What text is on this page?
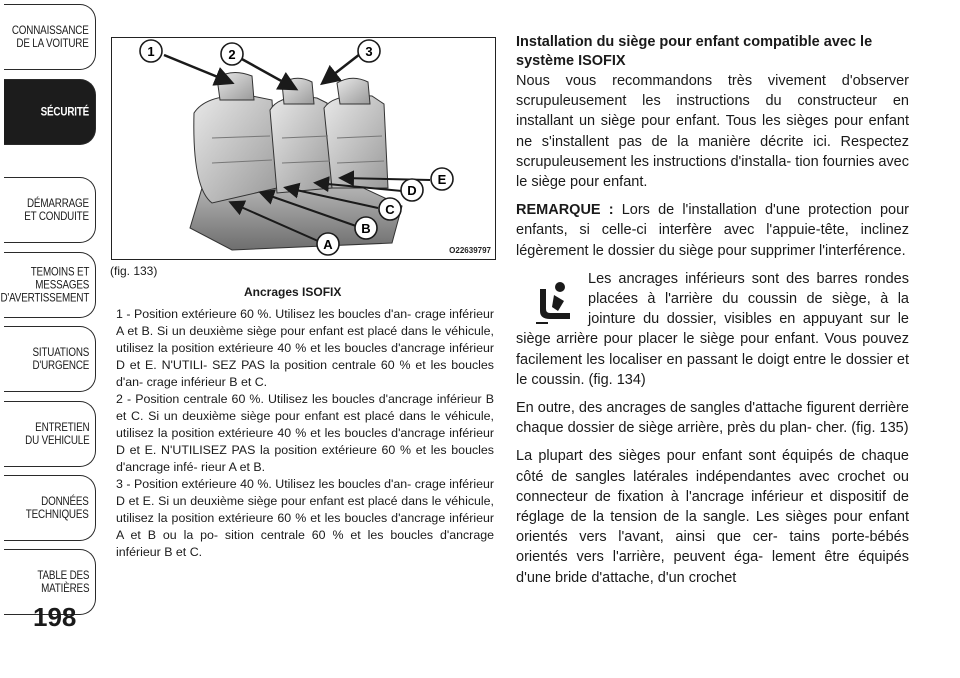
CONNAISSANCE
DE LA VOITURE
SÉCURITÉ
DÉMARRAGE
ET CONDUITE
TEMOINS ET
MESSAGES
D'AVERTISSEMENT
SITUATIONS
D'URGENCE
ENTRETIEN
DU VEHICULE
DONNÉES
TECHNIQUES
TABLE DES
MATIÈRES
198
1	2	3
A
B
C
D
E
O22639797
(fig. 133)
Ancrages ISOFIX

1 - Position extérieure 60 %. Utilisez les boucles d'an- crage inférieur A et B. Si un deuxième siège pour enfant est placé dans le véhicule, utilisez la position extérieure 40 % et les boucles d'ancrage inférieur D et E. N'UTILI- SEZ PAS la position centrale 60 % et les boucles d'an- crage inférieur B et C.

2 - Position centrale 60 %. Utilisez les boucles d'ancrage inférieur B et C. Si un deuxième siège pour enfant est placé dans le véhicule, utilisez la position extérieure 40 % et les boucles d'ancrage inférieur D et E. N'UTILISEZ PAS la position extérieure 60 % et les boucles d'ancrage infé- rieur A et B.

3 - Position extérieure 40 %. Utilisez les boucles d'an- crage inférieur D et E. Si un deuxième siège pour enfant est placé dans le véhicule, utilisez la position extérieure 60 % et les boucles d'ancrage inférieur A et B ou la po- sition centrale 60 % et les boucles d'ancrage inférieur B et C.

Installation du siège pour enfant compatible avec le système ISOFIX

Nous vous recommandons très vivement d'observer scrupuleusement les instructions du constructeur en installant un siège pour enfant. Tous les sièges pour enfant ne s'installent pas de la manière décrite ici. Respectez scrupuleusement les instructions d'installa- tion fournies avec le siège pour enfant.

REMARQUE : Lors de l'installation d'une protection pour enfants, si celle-ci interfère avec l'appuie-tête, inclinez légèrement le dossier du siège pour supprimer l'interférence.

Les ancrages inférieurs sont des barres rondes placées à l'arrière du coussin de siège, à la jointure du dossier, visibles en appuyant sur le siège arrière pour placer le siège pour enfant. Vous pouvez facilement les localiser en passant le doigt entre le dossier et le coussin. (fig. 134)

En outre, des ancrages de sangles d'attache figurent derrière chaque dossier de siège arrière, près du plan- cher. (fig. 135)

La plupart des sièges pour enfant sont équipés de chaque côté de sangles latérales indépendantes avec crochet ou connecteur de fixation à l'ancrage inférieur et dispositif de réglage de la tension de la sangle. Les sièges pour enfant orientés vers l'avant, ainsi que cer- tains porte-bébés orientés vers l'arrière, peuvent éga- lement être équipés d'une bride d'attache, d'un crochet
